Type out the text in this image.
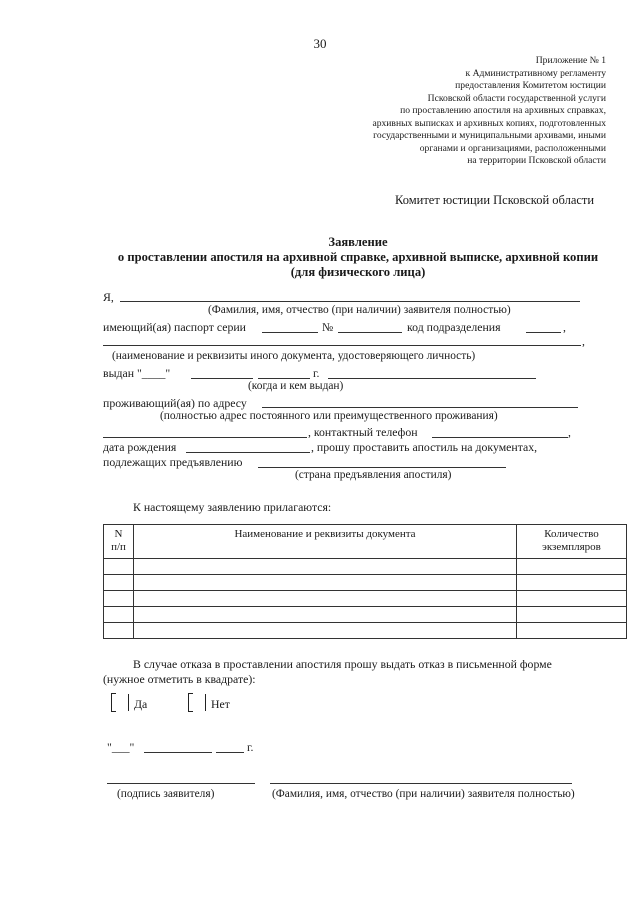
30
Приложение № 1
к Административному регламенту
предоставления Комитетом юстиции
Псковской области государственной услуги
по проставлению апостиля на архивных справках,
архивных выписках и архивных копиях, подготовленных
государственными и муниципальными архивами, иными
органами и организациями, расположенными
на территории Псковской области
Комитет юстиции Псковской области
Заявление
о проставлении апостиля на архивной справке, архивной выписке, архивной копии
(для физического лица)
Я,
(Фамилия, имя, отчество (при наличии) заявителя полностью)
имеющий(ая) паспорт серии	№	код подразделения	,
,
(наименование и реквизиты иного документа, удостоверяющего личность)
выдан "____"	г.
(когда и кем выдан)
проживающий(ая) по адресу
(полностью адрес постоянного или преимущественного проживания)
, контактный телефон	,
дата рождения	, прошу проставить апостиль на документах,
подлежащих предъявлению
(страна предъявления апостиля)
К настоящему заявлению прилагаются:
N
п/п	Наименование и реквизиты документа	Количество
экземпляров

В случае отказа в проставлении апостиля прошу выдать отказ в письменной форме
(нужное отметить в квадрате):
Да	Нет
"___"	г.
(подпись заявителя)	(Фамилия, имя, отчество (при наличии) заявителя полностью)
